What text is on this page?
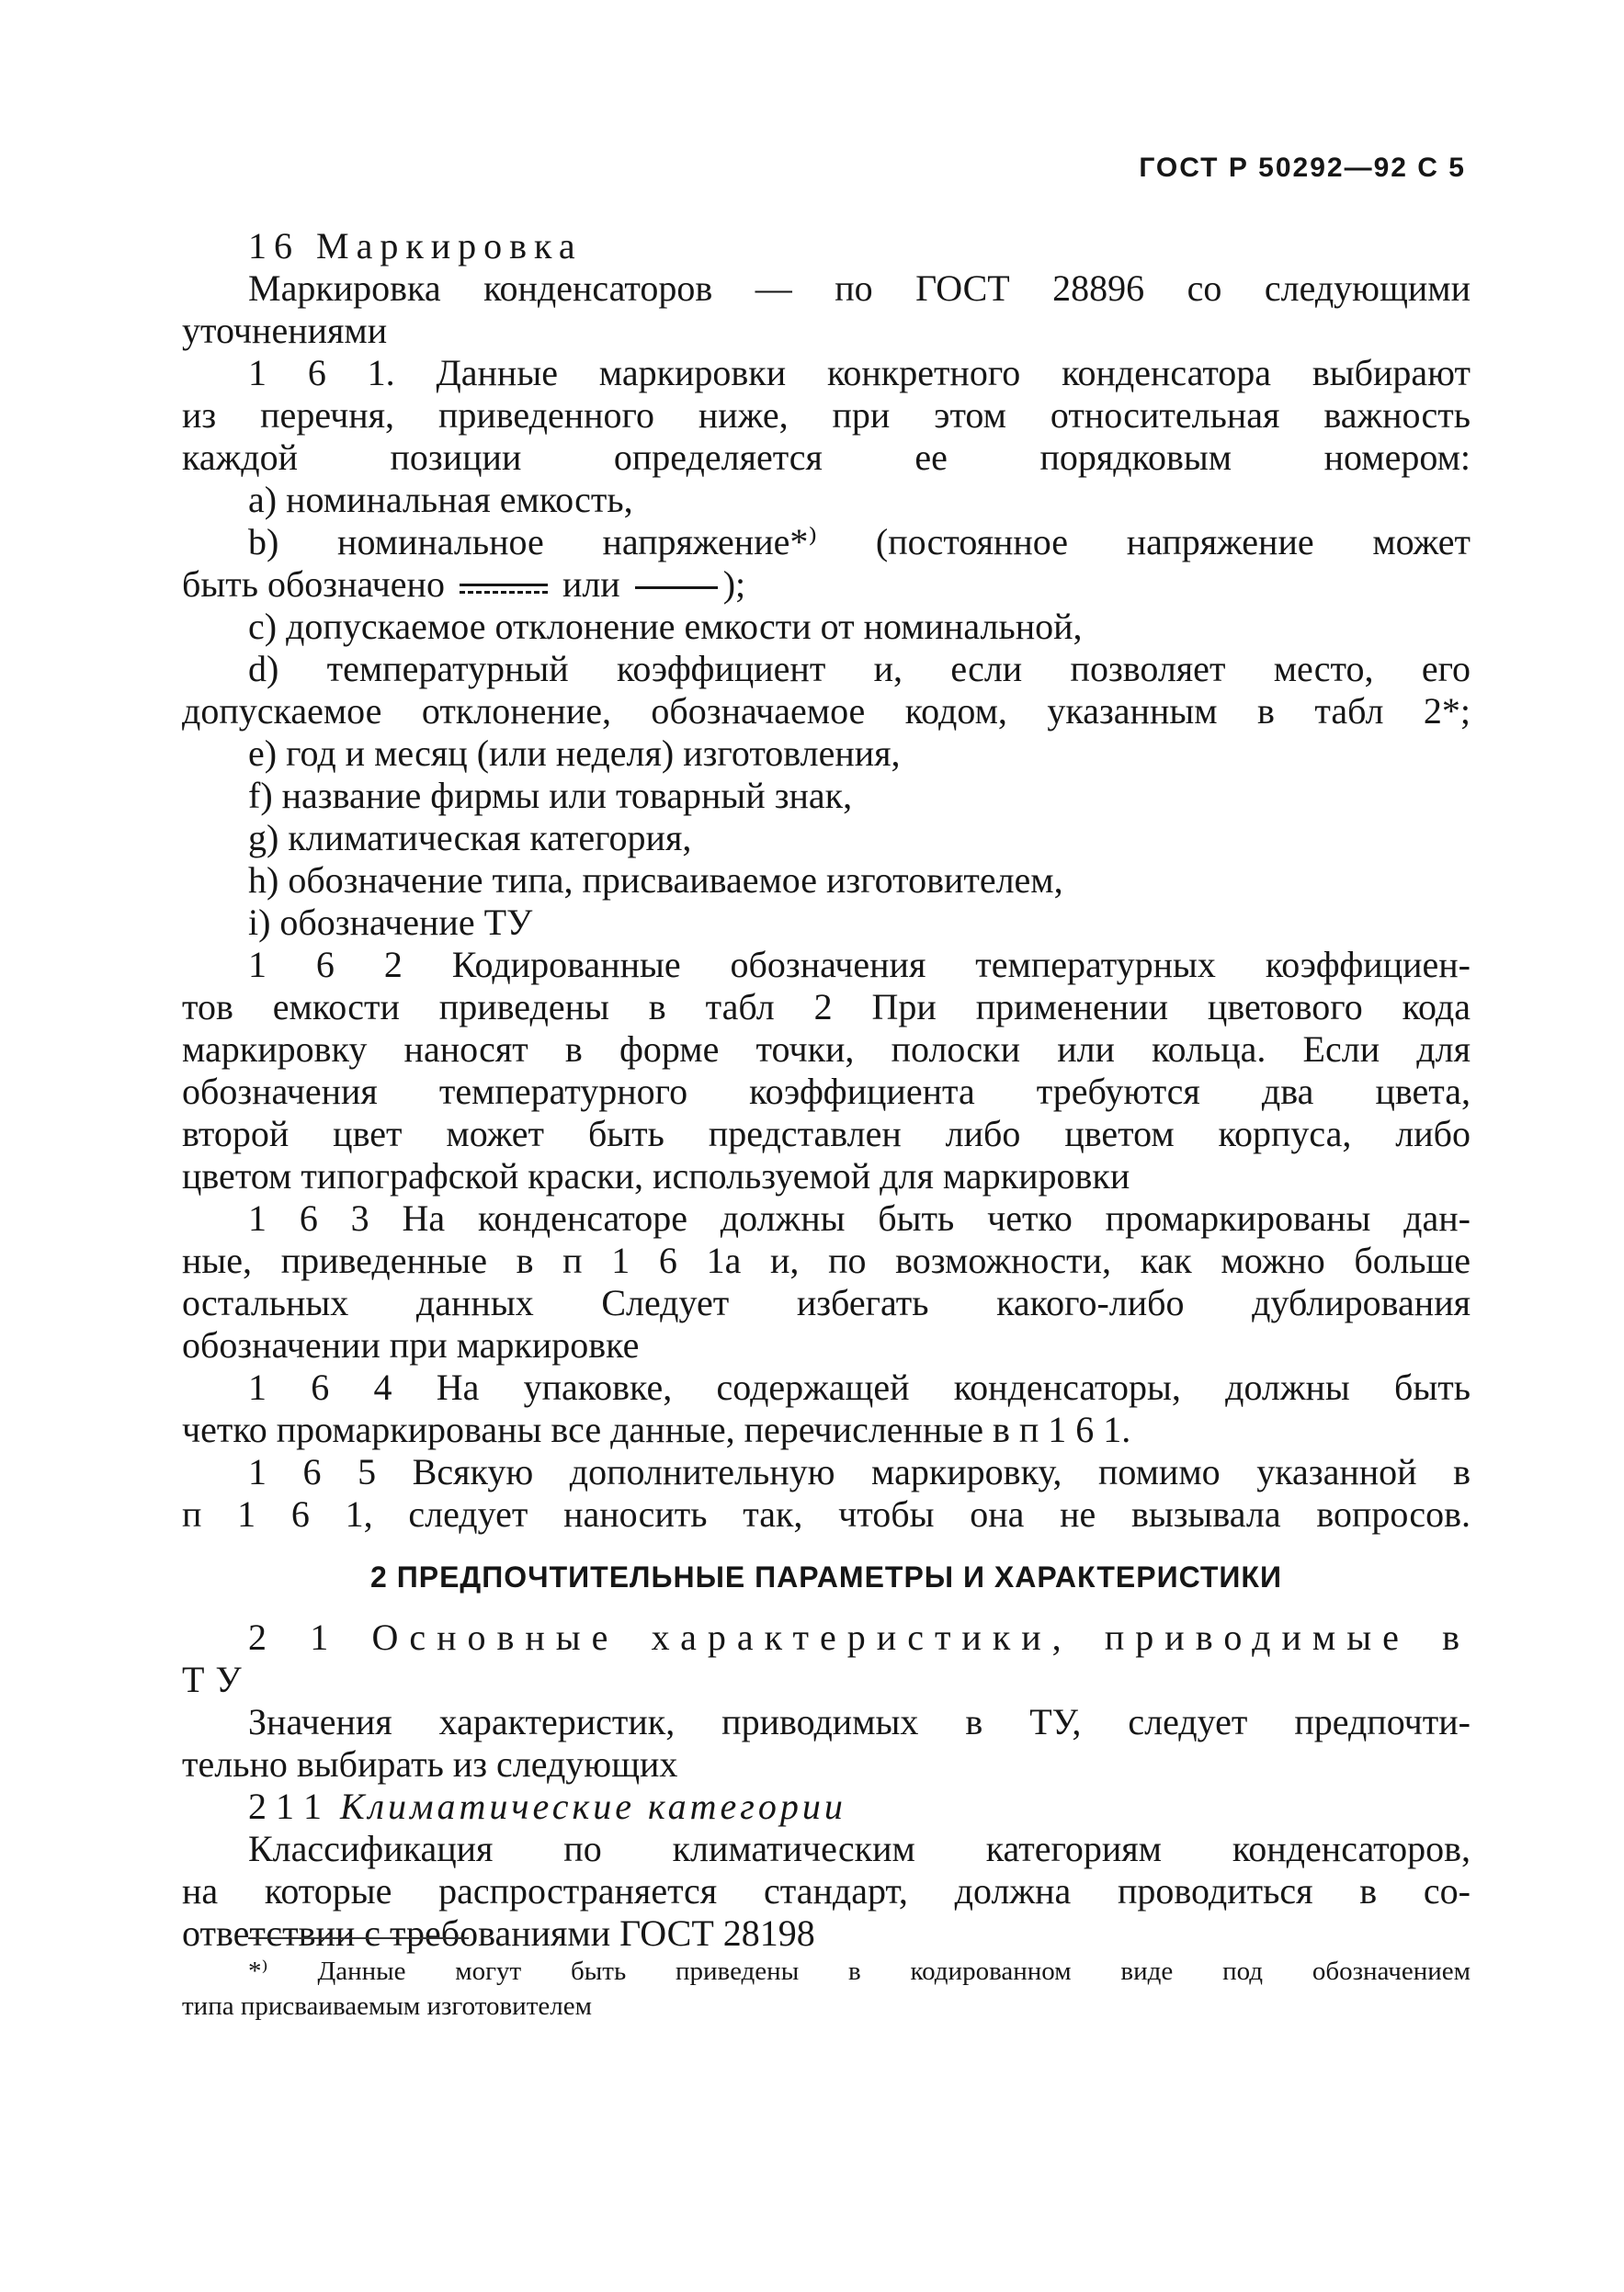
ГОСТ Р 50292—92 С 5
16 Маркировка
Маркировка конденсаторов — по ГОСТ 28896 со следующими
уточнениями
1 6 1. Данные маркировки конкретного конденсатора выбирают
из перечня, приведенного ниже, при этом относительная важность
каждой позиции определяется ее порядковым номером:
a) номинальная емкость,
b) номинальное напряжение*⁾ (постоянное напряжение может
быть обозначено	или	);
c) допускаемое отклонение емкости от номинальной,
d) температурный коэффициент и, если позволяет место, его
допускаемое отклонение, обозначаемое кодом, указанным в табл 2*;
e) год и месяц (или неделя) изготовления,
f) название фирмы или товарный знак,
g) климатическая категория,
h) обозначение типа, присваиваемое изготовителем,
i) обозначение ТУ
1 6 2 Кодированные обозначения температурных коэффициен-
тов емкости приведены в табл 2 При применении цветового кода
маркировку наносят в форме точки, полоски или кольца. Если для
обозначения температурного коэффициента требуются два цвета,
второй цвет может быть представлен либо цветом корпуса, либо
цветом типографской краски, используемой для маркировки
1 6 3 На конденсаторе должны быть четко промаркированы дан-
ные, приведенные в п 1 6 1а и, по возможности, как можно больше
остальных данных Следует избегать какого-либо дублирования
обозначении при маркировке
1 6 4 На упаковке, содержащей конденсаторы, должны быть
четко промаркированы все данные, перечисленные в п 1 6 1.
1 6 5 Всякую дополнительную маркировку, помимо указанной в
п 1 6 1, следует наносить так, чтобы она не вызывала вопросов.
2 ПРЕДПОЧТИТЕЛЬНЫЕ ПАРАМЕТРЫ И ХАРАКТЕРИСТИКИ
2 1 Основные характеристики, приводимые в
ТУ
Значения характеристик, приводимых в ТУ, следует предпочти-
тельно выбирать из следующих
2 1 1 Климатические категории
Классификация по климатическим категориям конденсаторов,
на которые распространяется стандарт, должна проводиться в со-
ответствии с требованиями ГОСТ 28198
*⁾ Данные могут быть приведены в кодированном виде под обозначением
типа присваиваемым изготовителем
